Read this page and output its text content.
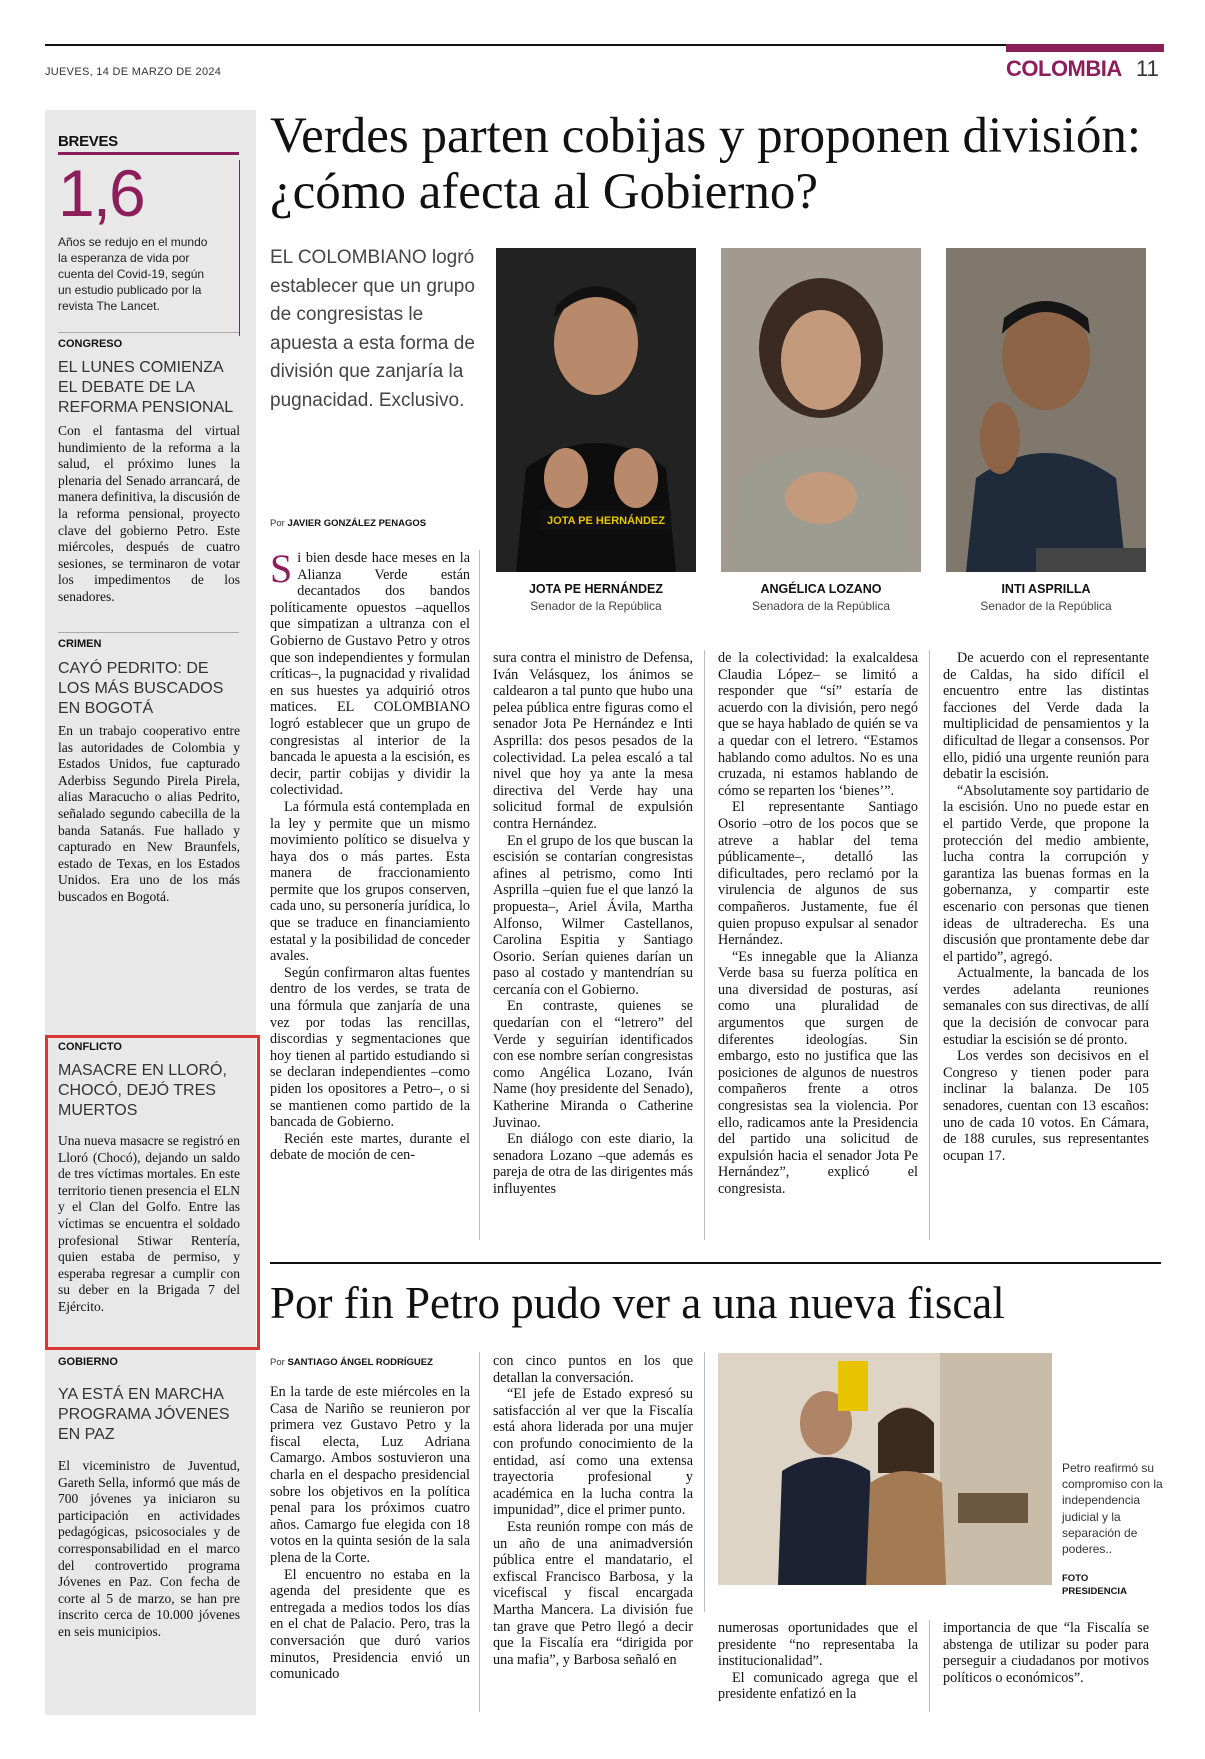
JUEVES, 14 DE MARZO DE 2024	COLOMBIA 11
BREVES
1,6
Años se redujo en el mundo la esperanza de vida por cuenta del Covid-19, según un estudio publicado por la revista The Lancet.
CONGRESO
EL LUNES COMIENZA EL DEBATE DE LA REFORMA PENSIONAL
Con el fantasma del virtual hundimiento de la reforma a la salud, el próximo lunes la plenaria del Senado arrancará, de manera definitiva, la discusión de la reforma pensional, proyecto clave del gobierno Petro. Este miércoles, después de cuatro sesiones, se terminaron de votar los impedimentos de los senadores.
CRIMEN
CAYÓ PEDRITO: DE LOS MÁS BUSCADOS EN BOGOTÁ
En un trabajo cooperativo entre las autoridades de Colombia y Estados Unidos, fue capturado Aderbiss Segundo Pirela Pirela, alias Maracucho o alias Pedrito, señalado segundo cabecilla de la banda Satanás. Fue hallado y capturado en New Braunfels, estado de Texas, en los Estados Unidos. Era uno de los más buscados en Bogotá.
CONFLICTO
MASACRE EN LLORÓ, CHOCÓ, DEJÓ TRES MUERTOS
Una nueva masacre se registró en Lloró (Chocó), dejando un saldo de tres víctimas mortales. En este territorio tienen presencia el ELN y el Clan del Golfo. Entre las víctimas se encuentra el soldado profesional Stiwar Rentería, quien estaba de permiso, y esperaba regresar a cumplir con su deber en la Brigada 7 del Ejército.
GOBIERNO
YA ESTÁ EN MARCHA PROGRAMA JÓVENES EN PAZ
El viceministro de Juventud, Gareth Sella, informó que más de 700 jóvenes ya iniciaron su participación en actividades pedagógicas, psicosociales y de corresponsabilidad en el marco del controvertido programa Jóvenes en Paz. Con fecha de corte al 5 de marzo, se han pre inscrito cerca de 10.000 jóvenes en seis municipios.
Verdes parten cobijas y proponen división: ¿cómo afecta al Gobierno?
EL COLOMBIANO logró establecer que un grupo de congresistas le apuesta a esta forma de división que zanjaría la pugnacidad. Exclusivo.
Por JAVIER GONZÁLEZ PENAGOS	JOTA PE HERNÁNDEZ
JOTA PE HERNÁNDEZ
Senador de la República
ANGÉLICA LOZANO
Senadora de la República
INTI ASPRILLA
Senador de la República

Si bien desde hace meses en la Alianza Verde están decantados dos bandos políticamente opuestos –aquellos que simpatizan a ultranza con el Gobierno de Gustavo Petro y otros que son independientes y formulan críticas–, la pugnacidad y rivalidad en sus huestes ya adquirió otros matices. EL COLOMBIANO logró establecer que un grupo de congresistas al interior de la bancada le apuesta a la escisión, es decir, partir cobijas y dividir la colectividad.

La fórmula está contemplada en la ley y permite que un mismo movimiento político se disuelva y haya dos o más partes. Esta manera de fraccionamiento permite que los grupos conserven, cada uno, su personería jurídica, lo que se traduce en financiamiento estatal y la posibilidad de conceder avales.

Según confirmaron altas fuentes dentro de los verdes, se trata de una fórmula que zanjaría de una vez por todas las rencillas, discordias y segmentaciones que hoy tienen al partido estudiando si se declaran independientes –como piden los opositores a Petro–, o si se mantienen como partido de la bancada de Gobierno.

Recién este martes, durante el debate de moción de cen-

sura contra el ministro de Defensa, Iván Velásquez, los ánimos se caldearon a tal punto que hubo una pelea pública entre figuras como el senador Jota Pe Hernández e Inti Asprilla: dos pesos pesados de la colectividad. La pelea escaló a tal nivel que hoy ya ante la mesa directiva del Verde hay una solicitud formal de expulsión contra Hernández.

En el grupo de los que buscan la escisión se contarían congresistas afines al petrismo, como Inti Asprilla –quien fue el que lanzó la propuesta–, Ariel Ávila, Martha Alfonso, Wilmer Castellanos, Carolina Espitia y Santiago Osorio. Serían quienes darían un paso al costado y mantendrían su cercanía con el Gobierno.

En contraste, quienes se quedarían con el “letrero” del Verde y seguirían identificados con ese nombre serían congresistas como Angélica Lozano, Iván Name (hoy presidente del Senado), Katherine Miranda o Catherine Juvinao.

En diálogo con este diario, la senadora Lozano –que además es pareja de otra de las dirigentes más influyentes

de la colectividad: la exalcaldesa Claudia López– se limitó a responder que “sí” estaría de acuerdo con la división, pero negó que se haya hablado de quién se va a quedar con el letrero. “Estamos hablando como adultos. No es una cruzada, ni estamos hablando de cómo se reparten los ‘bienes’”.

El representante Santiago Osorio –otro de los pocos que se atreve a hablar del tema públicamente–, detalló las dificultades, pero reclamó por la virulencia de algunos de sus compañeros. Justamente, fue él quien propuso expulsar al senador Hernández.

“Es innegable que la Alianza Verde basa su fuerza política en una diversidad de posturas, así como una pluralidad de argumentos que surgen de diferentes ideologías. Sin embargo, esto no justifica que las posiciones de algunos de nuestros compañeros frente a otros congresistas sea la violencia. Por ello, radicamos ante la Presidencia del partido una solicitud de expulsión hacia el senador Jota Pe Hernández”, explicó el congresista.

De acuerdo con el representante de Caldas, ha sido difícil el encuentro entre las distintas facciones del Verde dada la multiplicidad de pensamientos y la dificultad de llegar a consensos. Por ello, pidió una urgente reunión para debatir la escisión.

“Absolutamente soy partidario de la escisión. Uno no puede estar en el partido Verde, que propone la protección del medio ambiente, lucha contra la corrupción y garantiza las buenas formas en la gobernanza, y compartir este escenario con personas que tienen ideas de ultraderecha. Es una discusión que prontamente debe dar el partido”, agregó.

Actualmente, la bancada de los verdes adelanta reuniones semanales con sus directivas, de allí que la decisión de convocar para estudiar la escisión se dé pronto.

Los verdes son decisivos en el Congreso y tienen poder para inclinar la balanza. De 105 senadores, cuentan con 13 escaños: uno de cada 10 votos. En Cámara, de 188 curules, sus representantes ocupan 17.

Por fin Petro pudo ver a una nueva fiscal
Por SANTIAGO ÁNGEL RODRÍGUEZ

En la tarde de este miércoles en la Casa de Nariño se reunieron por primera vez Gustavo Petro y la fiscal electa, Luz Adriana Camargo. Ambos sostuvieron una charla en el despacho presidencial sobre los objetivos en la política penal para los próximos cuatro años. Camargo fue elegida con 18 votos en la quinta sesión de la sala plena de la Corte.

El encuentro no estaba en la agenda del presidente que es entregada a medios todos los días en el chat de Palacio. Pero, tras la conversación que duró varios minutos, Presidencia envió un comunicado

con cinco puntos en los que detallan la conversación.

“El jefe de Estado expresó su satisfacción al ver que la Fiscalía está ahora liderada por una mujer con profundo conocimiento de la entidad, así como una extensa trayectoria profesional y académica en la lucha contra la impunidad”, dice el primer punto.

Esta reunión rompe con más de un año de una animadversión pública entre el mandatario, el exfiscal Francisco Barbosa, y la vicefiscal y fiscal encargada Martha Mancera. La división fue tan grave que Petro llegó a decir que la Fiscalía era “dirigida por una mafia”, y Barbosa señaló en

Petro reafirmó su compromiso con la independencia judicial y la separación de poderes..
FOTO
PRESIDENCIA

numerosas oportunidades que el presidente “no representaba la institucionalidad”.

El comunicado agrega que el presidente enfatizó en la

importancia de que “la Fiscalía se abstenga de utilizar su poder para perseguir a ciudadanos por motivos políticos o económicos”.
